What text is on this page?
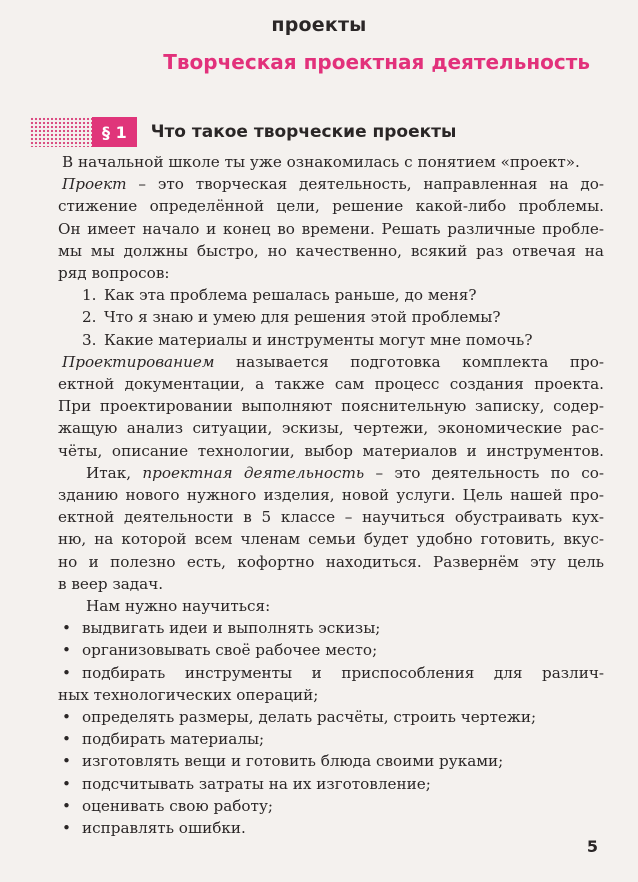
проекты
Творческая проектная деятельность
§ 1	Что такое творческие проекты
В начальной школе ты уже ознакомилась с понятием «проект».
Проект – это творческая деятельность, направленная на до-
стижение определённой цели, решение какой-либо проблемы.
Он имеет начало и конец во времени. Решать различные пробле-
мы мы должны быстро, но качественно, всякий раз отвечая на
ряд вопросов:
1. Как эта проблема решалась раньше, до меня?
2. Что я знаю и умею для решения этой проблемы?
3. Какие материалы и инструменты могут мне помочь?
Проектированием называется подготовка комплекта про-
ектной документации, а также сам процесс создания проекта.
При проектировании выполняют пояснительную записку, содер-
жащую анализ ситуации, эскизы, чертежи, экономические рас-
чёты, описание технологии, выбор материалов и инструментов.
Итак, проектная деятельность – это деятельность по со-
зданию нового нужного изделия, новой услуги. Цель нашей про-
ектной деятельности в 5 классе – научиться обустраивать кух-
ню, на которой всем членам семьи будет удобно готовить, вкус-
но и полезно есть, кофортно находиться. Развернём эту цель
в веер задач.
Нам нужно научиться:
• выдвигать идеи и выполнять эскизы;
• организовывать своё рабочее место;
• подбирать инструменты и приспособления для различ-
ных технологических операций;
• определять размеры, делать расчёты, строить чертежи;
• подбирать материалы;
• изготовлять вещи и готовить блюда своими руками;
• подсчитывать затраты на их изготовление;
• оценивать свою работу;
• исправлять ошибки.
5
